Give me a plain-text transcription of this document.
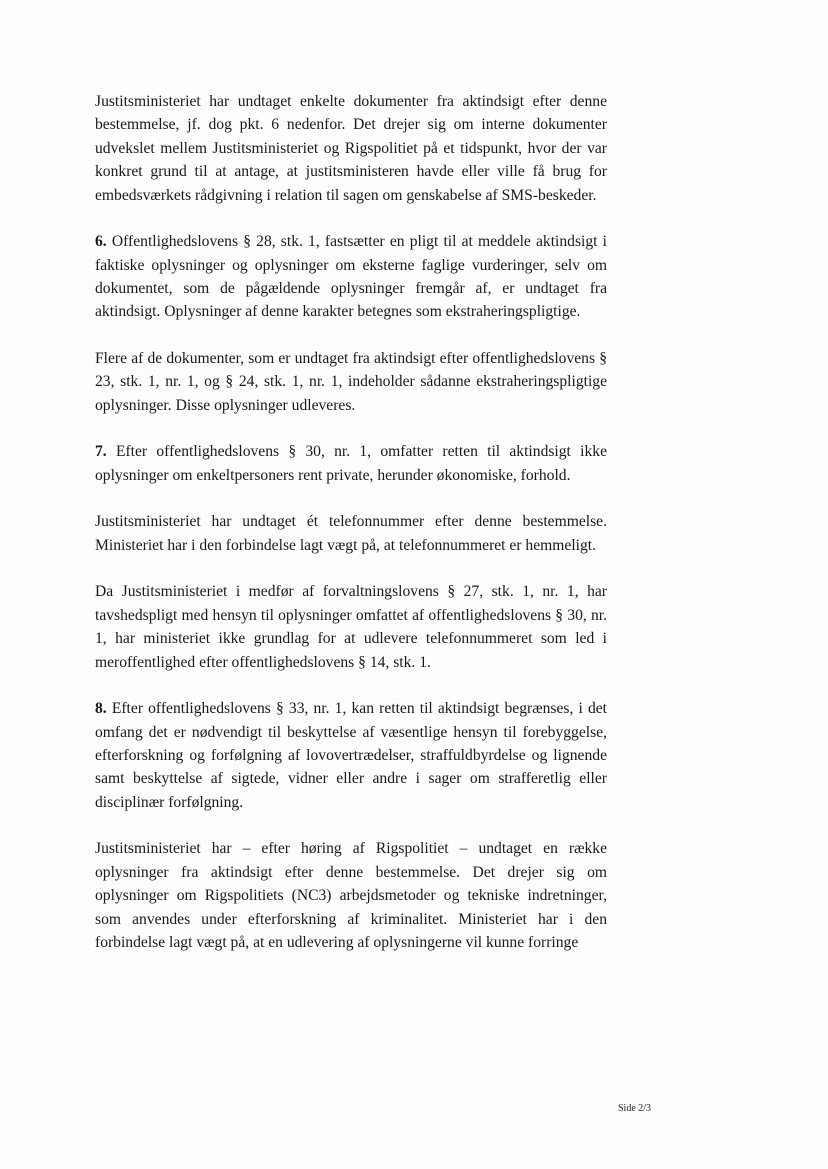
Justitsministeriet har undtaget enkelte dokumenter fra aktindsigt efter denne bestemmelse, jf. dog pkt. 6 nedenfor. Det drejer sig om interne dokumenter udvekslet mellem Justitsministeriet og Rigspolitiet på et tidspunkt, hvor der var konkret grund til at antage, at justitsministeren havde eller ville få brug for embedsværkets rådgivning i relation til sagen om genskabelse af SMS-beskeder.

6. Offentlighedslovens § 28, stk. 1, fastsætter en pligt til at meddele aktindsigt i faktiske oplysninger og oplysninger om eksterne faglige vurderinger, selv om dokumentet, som de pågældende oplysninger fremgår af, er undtaget fra aktindsigt. Oplysninger af denne karakter betegnes som ekstraheringspligtige.

Flere af de dokumenter, som er undtaget fra aktindsigt efter offentlighedslovens § 23, stk. 1, nr. 1, og § 24, stk. 1, nr. 1, indeholder sådanne ekstraheringspligtige oplysninger. Disse oplysninger udleveres.

7. Efter offentlighedslovens § 30, nr. 1, omfatter retten til aktindsigt ikke oplysninger om enkeltpersoners rent private, herunder økonomiske, forhold.

Justitsministeriet har undtaget ét telefonnummer efter denne bestemmelse. Ministeriet har i den forbindelse lagt vægt på, at telefonnummeret er hemmeligt.

Da Justitsministeriet i medfør af forvaltningslovens § 27, stk. 1, nr. 1, har tavshedspligt med hensyn til oplysninger omfattet af offentlighedslovens § 30, nr. 1, har ministeriet ikke grundlag for at udlevere telefonnummeret som led i meroffentlighed efter offentlighedslovens § 14, stk. 1.

8. Efter offentlighedslovens § 33, nr. 1, kan retten til aktindsigt begrænses, i det omfang det er nødvendigt til beskyttelse af væsentlige hensyn til forebyggelse, efterforskning og forfølgning af lovovertrædelser, straffuldbyrdelse og lignende samt beskyttelse af sigtede, vidner eller andre i sager om strafferetlig eller disciplinær forfølgning.

Justitsministeriet har – efter høring af Rigspolitiet – undtaget en række oplysninger fra aktindsigt efter denne bestemmelse. Det drejer sig om oplysninger om Rigspolitiets (NC3) arbejdsmetoder og tekniske indretninger, som anvendes under efterforskning af kriminalitet. Ministeriet har i den forbindelse lagt vægt på, at en udlevering af oplysningerne vil kunne forringe

Side 2/3
